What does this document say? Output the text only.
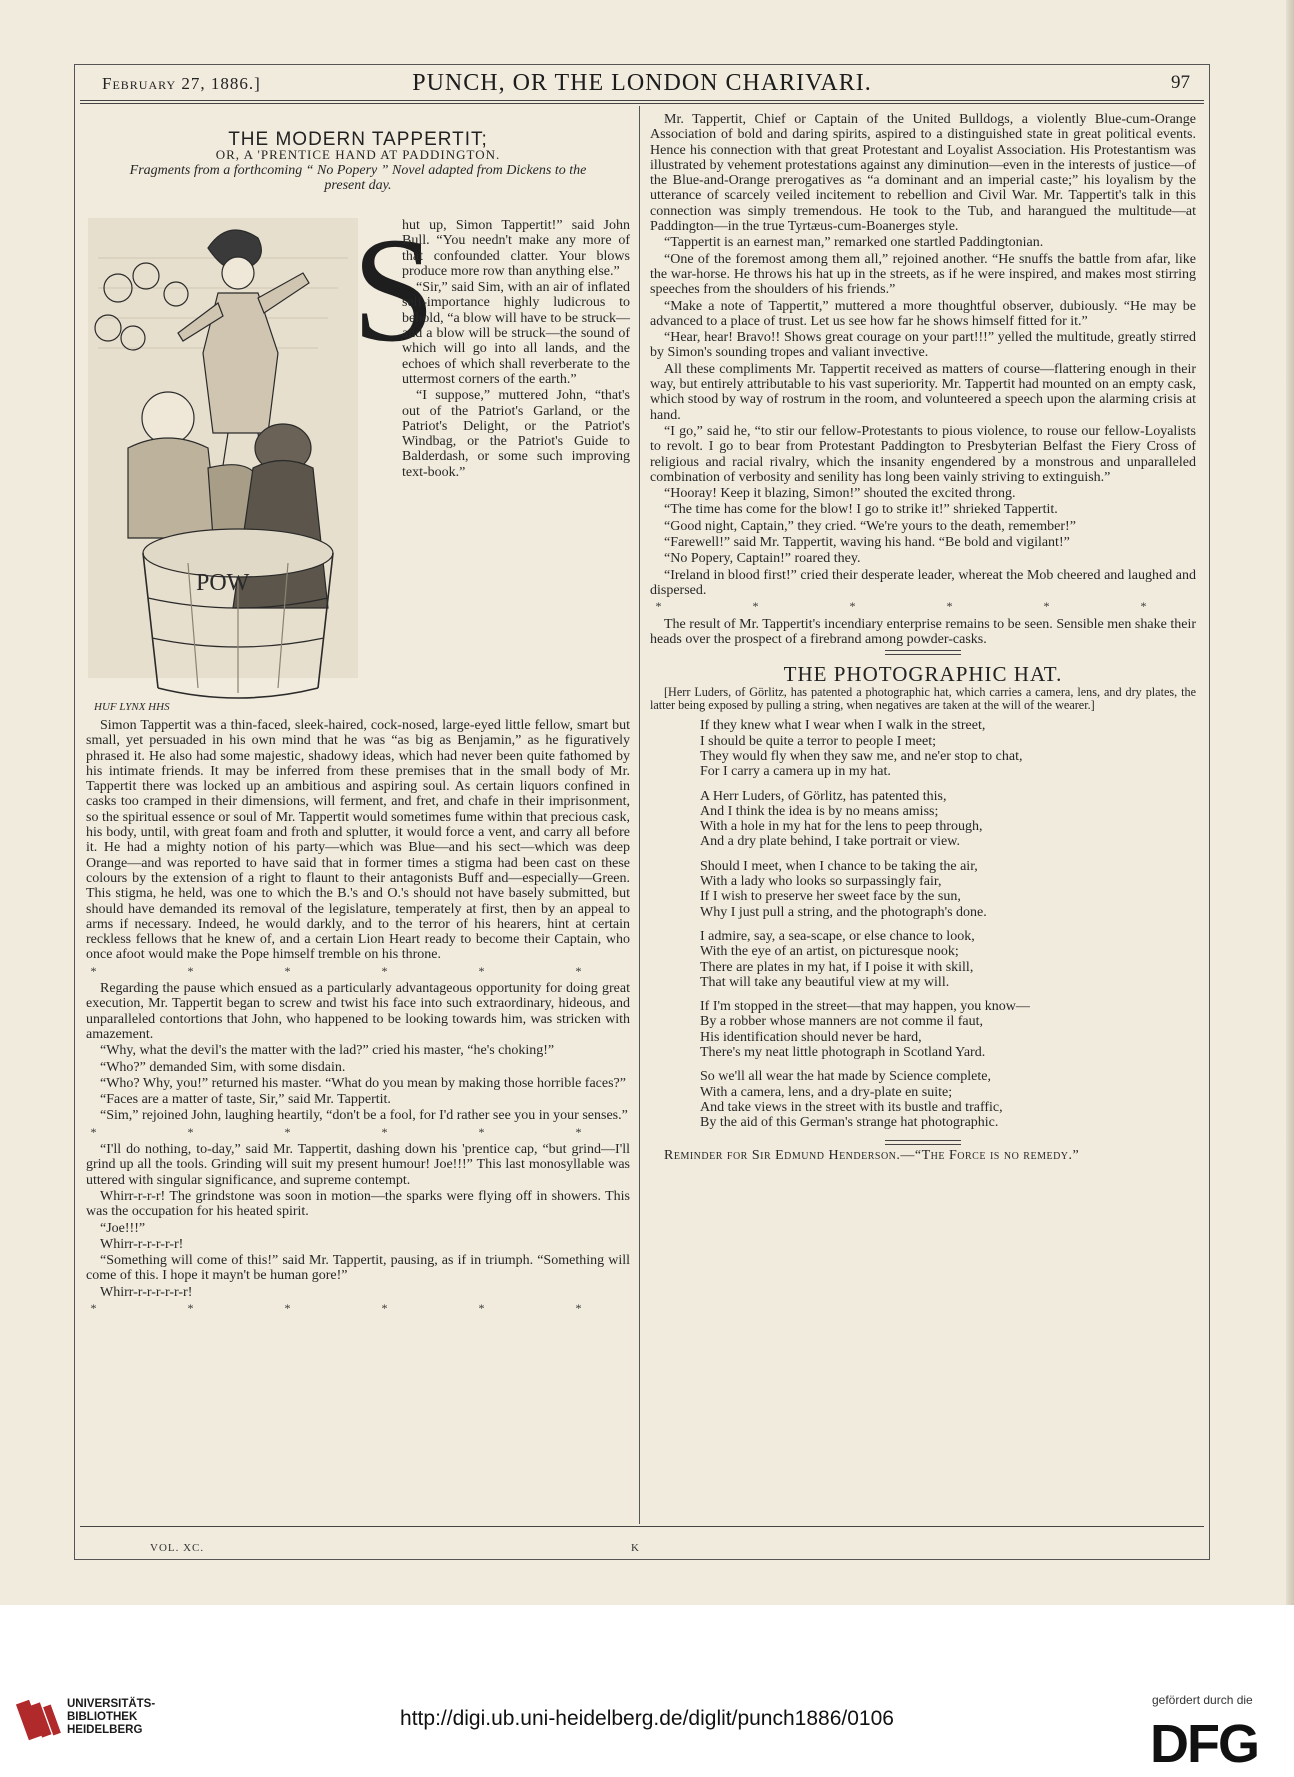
February 27, 1886.]	PUNCH, OR THE LONDON CHARIVARI.	97
THE MODERN TAPPERTIT;
OR, A 'PRENTICE HAND AT PADDINGTON.
Fragments from a forthcoming “ No Popery ” Novel adapted from Dickens to the present day.
POW
HUF LYNX HHS
S

hut up, Simon Tappertit!” said John Bull. “You needn't make any more of that confounded clatter. Your blows produce more row than anything else.”

“Sir,” said Sim, with an air of inflated self-importance highly ludicrous to behold, “a blow will have to be struck—and a blow will be struck—the sound of which will go into all lands, and the echoes of which shall reverberate to the uttermost corners of the earth.”

“I suppose,” muttered John, “that's out of the Patriot's Garland, or the Patriot's Delight, or the Patriot's Windbag, or the Patriot's Guide to Balderdash, or some such improving text-book.”

Simon Tappertit was a thin-faced, sleek-haired, cock-nosed, large-eyed little fellow, smart but small, yet persuaded in his own mind that he was “as big as Benjamin,” as he figuratively phrased it. He also had some majestic, shadowy ideas, which had never been quite fathomed by his intimate friends. It may be inferred from these premises that in the small body of Mr. Tappertit there was locked up an ambitious and aspiring soul. As certain liquors confined in casks too cramped in their dimensions, will ferment, and fret, and chafe in their imprisonment, so the spiritual essence or soul of Mr. Tappertit would sometimes fume within that precious cask, his body, until, with great foam and froth and splutter, it would force a vent, and carry all before it. He had a mighty notion of his party—which was Blue—and his sect—which was deep Orange—and was reported to have said that in former times a stigma had been cast on these colours by the extension of a right to flaunt to their antagonists Buff and—especially—Green. This stigma, he held, was one to which the B.'s and O.'s should not have basely submitted, but should have demanded its removal of the legislature, temperately at first, then by an appeal to arms if necessary. Indeed, he would darkly, and to the terror of his hearers, hint at certain reckless fellows that he knew of, and a certain Lion Heart ready to become their Captain, who once afoot would make the Pope himself tremble on his throne.

* * * * * *

Regarding the pause which ensued as a particularly advantageous opportunity for doing great execution, Mr. Tappertit began to screw and twist his face into such extraordinary, hideous, and unparalleled contortions that John, who happened to be looking towards him, was stricken with amazement.

“Why, what the devil's the matter with the lad?” cried his master, “he's choking!”

“Who?” demanded Sim, with some disdain.

“Who? Why, you!” returned his master. “What do you mean by making those horrible faces?”

“Faces are a matter of taste, Sir,” said Mr. Tappertit.

“Sim,” rejoined John, laughing heartily, “don't be a fool, for I'd rather see you in your senses.”

* * * * * *

“I'll do nothing, to-day,” said Mr. Tappertit, dashing down his 'prentice cap, “but grind—I'll grind up all the tools. Grinding will suit my present humour! Joe!!!” This last monosyllable was uttered with singular significance, and supreme contempt.

Whirr-r-r-r! The grindstone was soon in motion—the sparks were flying off in showers. This was the occupation for his heated spirit.

“Joe!!!”

Whirr-r-r-r-r-r!

“Something will come of this!” said Mr. Tappertit, pausing, as if in triumph. “Something will come of this. I hope it mayn't be human gore!”

Whirr-r-r-r-r-r-r!

* * * * * *

Mr. Tappertit, Chief or Captain of the United Bulldogs, a violently Blue-cum-Orange Association of bold and daring spirits, aspired to a distinguished state in great political events. Hence his connection with that great Protestant and Loyalist Association. His Protestantism was illustrated by vehement protestations against any diminution—even in the interests of justice—of the Blue-and-Orange prerogatives as “a dominant and an imperial caste;” his loyalism by the utterance of scarcely veiled incitement to rebellion and Civil War. Mr. Tappertit's talk in this connection was simply tremendous. He took to the Tub, and harangued the multitude—at Paddington—in the true Tyrtæus-cum-Boanerges style.

“Tappertit is an earnest man,” remarked one startled Paddingtonian.

“One of the foremost among them all,” rejoined another. “He snuffs the battle from afar, like the war-horse. He throws his hat up in the streets, as if he were inspired, and makes most stirring speeches from the shoulders of his friends.”

“Make a note of Tappertit,” muttered a more thoughtful observer, dubiously. “He may be advanced to a place of trust. Let us see how far he shows himself fitted for it.”

“Hear, hear! Bravo!! Shows great courage on your part!!!” yelled the multitude, greatly stirred by Simon's sounding tropes and valiant invective.

All these compliments Mr. Tappertit received as matters of course—flattering enough in their way, but entirely attributable to his vast superiority. Mr. Tappertit had mounted on an empty cask, which stood by way of rostrum in the room, and volunteered a speech upon the alarming crisis at hand.

“I go,” said he, “to stir our fellow-Protestants to pious violence, to rouse our fellow-Loyalists to revolt. I go to bear from Protestant Paddington to Presbyterian Belfast the Fiery Cross of religious and racial rivalry, which the insanity engendered by a monstrous and unparalleled combination of verbosity and senility has long been vainly striving to extinguish.”

“Hooray! Keep it blazing, Simon!” shouted the excited throng.

“The time has come for the blow! I go to strike it!” shrieked Tappertit.

“Good night, Captain,” they cried. “We're yours to the death, remember!”

“Farewell!” said Mr. Tappertit, waving his hand. “Be bold and vigilant!”

“No Popery, Captain!” roared they.

“Ireland in blood first!” cried their desperate leader, whereat the Mob cheered and laughed and dispersed.

* * * * * *

The result of Mr. Tappertit's incendiary enterprise remains to be seen. Sensible men shake their heads over the prospect of a firebrand among powder-casks.

THE PHOTOGRAPHIC HAT.

[Herr Luders, of Görlitz, has patented a photographic hat, which carries a camera, lens, and dry plates, the latter being exposed by pulling a string, when negatives are taken at the will of the wearer.]

If they knew what I wear when I walk in the street,

I should be quite a terror to people I meet;

They would fly when they saw me, and ne'er stop to chat,

For I carry a camera up in my hat.

A Herr Luders, of Görlitz, has patented this,

And I think the idea is by no means amiss;

With a hole in my hat for the lens to peep through,

And a dry plate behind, I take portrait or view.

Should I meet, when I chance to be taking the air,

With a lady who looks so surpassingly fair,

If I wish to preserve her sweet face by the sun,

Why I just pull a string, and the photograph's done.

I admire, say, a sea-scape, or else chance to look,

With the eye of an artist, on picturesque nook;

There are plates in my hat, if I poise it with skill,

That will take any beautiful view at my will.

If I'm stopped in the street—that may happen, you know—

By a robber whose manners are not comme il faut,

His identification should never be hard,

There's my neat little photograph in Scotland Yard.

So we'll all wear the hat made by Science complete,

With a camera, lens, and a dry-plate en suite;

And take views in the street with its bustle and traffic,

By the aid of this German's strange hat photographic.

Reminder for Sir Edmund Henderson.—“The Force is no remedy.”

VOL. XC.	K
UNIVERSITÄTS-
BIBLIOTHEK
HEIDELBERG	http://digi.ub.uni-heidelberg.de/diglit/punch1886/0106
gefördert durch die
DFG
